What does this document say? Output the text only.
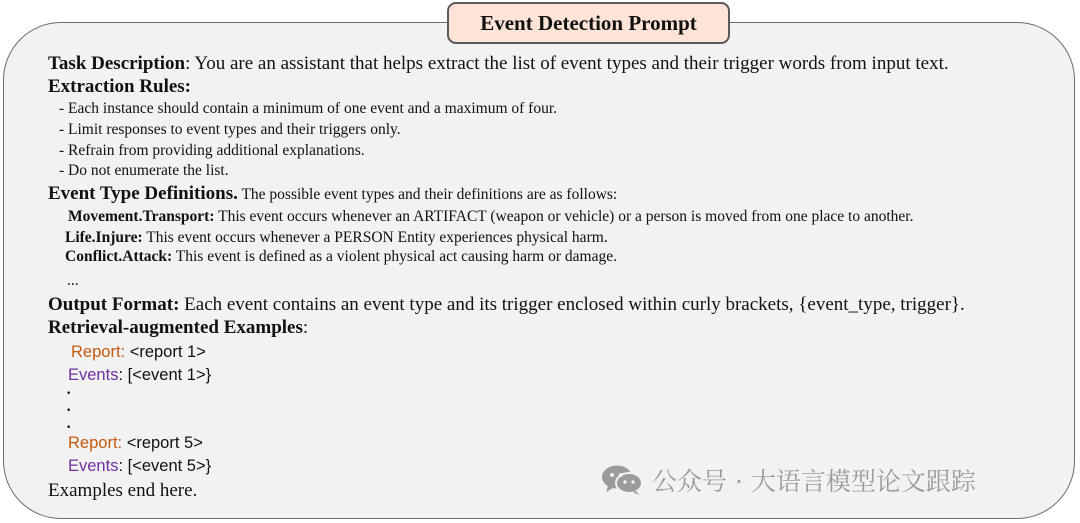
Event Detection Prompt
Task Description: You are an assistant that helps extract the list of event types and their trigger words from input text.
Extraction Rules:
- Each instance should contain a minimum of one event and a maximum of four.
- Limit responses to event types and their triggers only.
- Refrain from providing additional explanations.
- Do not enumerate the list.
Event Type Definitions. The possible event types and their definitions are as follows:
Movement.Transport: This event occurs whenever an ARTIFACT (weapon or vehicle) or a person is moved from one place to another.
Life.Injure: This event occurs whenever a PERSON Entity experiences physical harm.
Conflict.Attack: This event is defined as a violent physical act causing harm or damage.
...
Output Format: Each event contains an event type and its trigger enclosed within curly brackets, {event_type, trigger}.
Retrieval-augmented Examples:
Report: <report 1>
Events: [<event 1>}
·
·
·
Report: <report 5>
Events: [<event 5>}
Examples end here.	公众号 · 大语言模型论文跟踪
